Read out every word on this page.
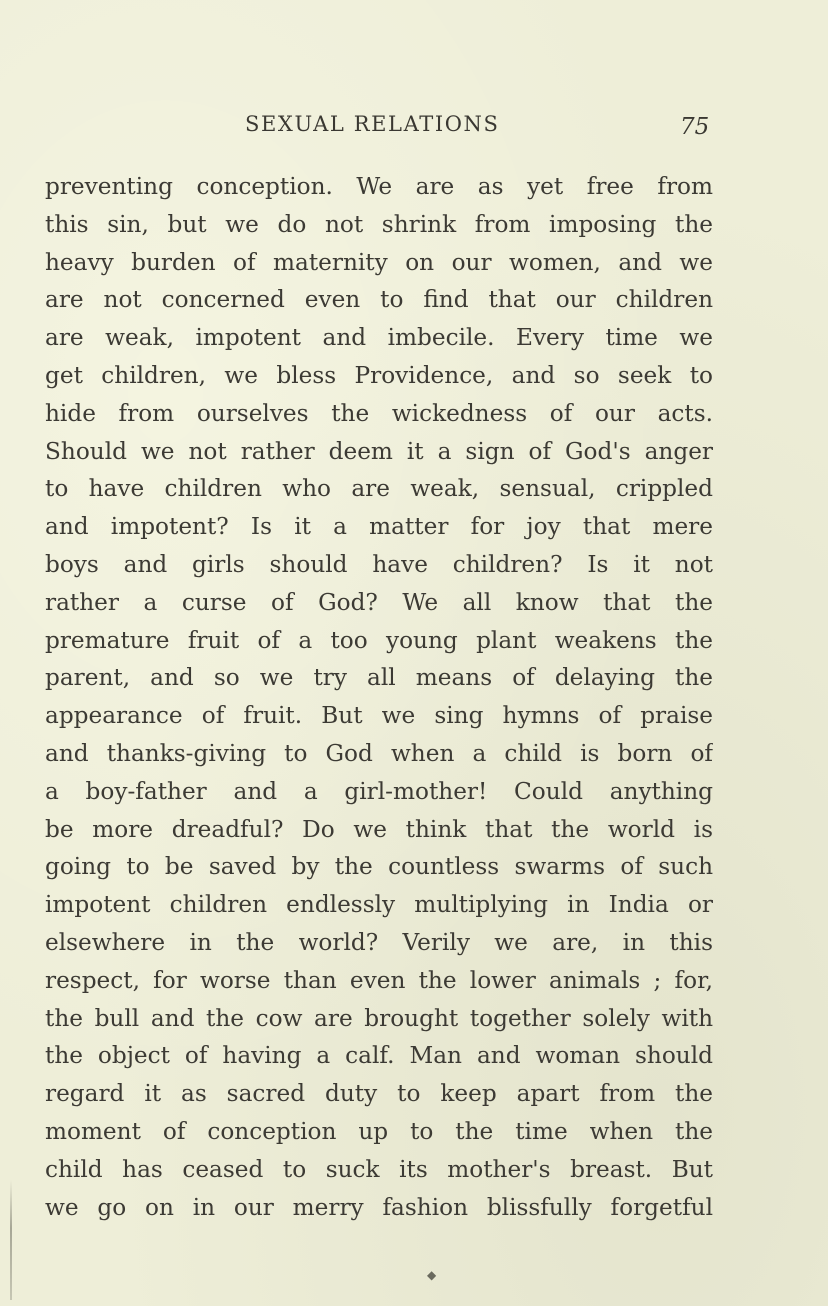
SEXUAL RELATIONS	75
preventing conception. We are as yet free from
this sin, but we do not shrink from imposing the
heavy burden of maternity on our women, and we
are not concerned even to find that our children
are weak, impotent and imbecile. Every time we
get children, we bless Providence, and so seek to
hide from ourselves the wickedness of our acts.
Should we not rather deem it a sign of God's anger
to have children who are weak, sensual, crippled
and impotent? Is it a matter for joy that mere
boys and girls should have children? Is it not
rather a curse of God? We all know that the
premature fruit of a too young plant weakens the
parent, and so we try all means of delaying the
appearance of fruit. But we sing hymns of praise
and thanks-giving to God when a child is born of
a boy-father and a girl-mother! Could anything
be more dreadful? Do we think that the world is
going to be saved by the countless swarms of such
impotent children endlessly multiplying in India or
elsewhere in the world? Verily we are, in this
respect, for worse than even the lower animals ; for,
the bull and the cow are brought together solely with
the object of having a calf. Man and woman should
regard it as sacred duty to keep apart from the
moment of conception up to the time when the
child has ceased to suck its mother's breast. But
we go on in our merry fashion blissfully forgetful
◆
